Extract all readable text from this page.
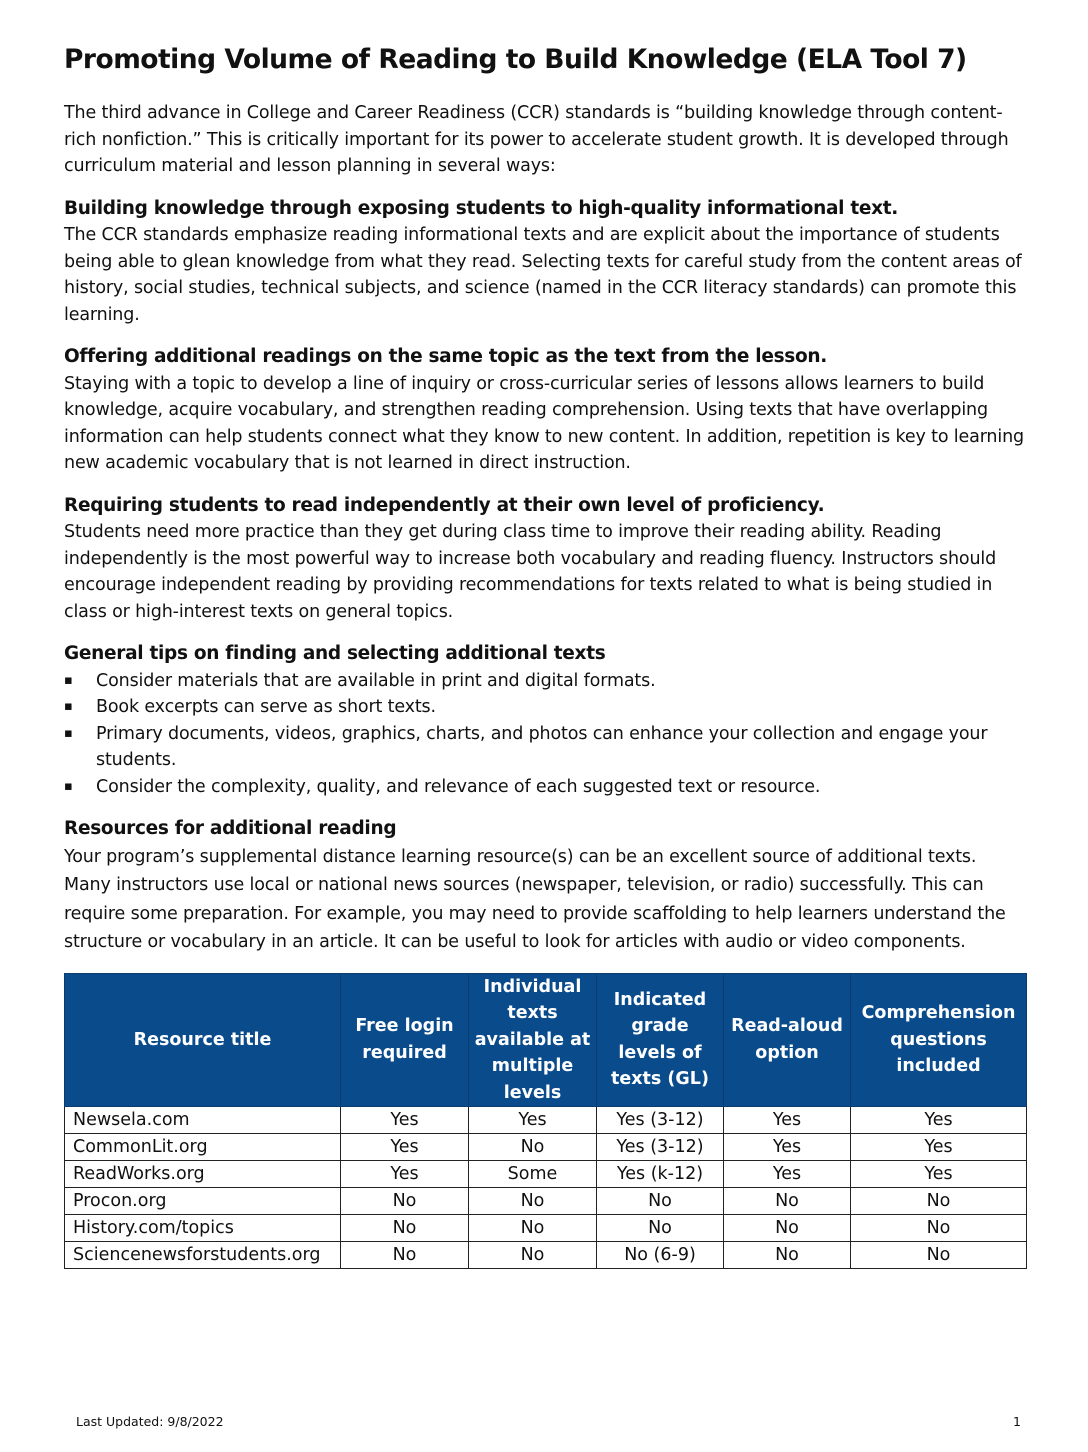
Promoting Volume of Reading to Build Knowledge (ELA Tool 7)

The third advance in College and Career Readiness (CCR) standards is “building knowledge through content-rich nonfiction.” This is critically important for its power to accelerate student growth. It is developed through curriculum material and lesson planning in several ways:

Building knowledge through exposing students to high-quality informational text.

The CCR standards emphasize reading informational texts and are explicit about the importance of students being able to glean knowledge from what they read. Selecting texts for careful study from the content areas of history, social studies, technical subjects, and science (named in the CCR literacy standards) can promote this learning.

Offering additional readings on the same topic as the text from the lesson.

Staying with a topic to develop a line of inquiry or cross-curricular series of lessons allows learners to build knowledge, acquire vocabulary, and strengthen reading comprehension. Using texts that have overlapping information can help students connect what they know to new content. In addition, repetition is key to learning new academic vocabulary that is not learned in direct instruction.

Requiring students to read independently at their own level of proficiency.

Students need more practice than they get during class time to improve their reading ability. Reading independently is the most powerful way to increase both vocabulary and reading fluency. Instructors should encourage independent reading by providing recommendations for texts related to what is being studied in class or high-interest texts on general topics.

General tips on finding and selecting additional texts
▪	Consider materials that are available in print and digital formats.
▪	Book excerpts can serve as short texts.
▪	Primary documents, videos, graphics, charts, and photos can enhance your collection and engage your students.
▪	Consider the complexity, quality, and relevance of each suggested text or resource.
Resources for additional reading

Your program’s supplemental distance learning resource(s) can be an excellent source of additional texts. Many instructors use local or national news sources (newspaper, television, or radio) successfully. This can require some preparation. For example, you may need to provide scaffolding to help learners understand the structure or vocabulary in an article. It can be useful to look for articles with audio or video components.

Resource title	Free login required	Individual texts available at multiple levels	Indicated grade levels of texts (GL)	Read-aloud option	Comprehension questions included
Newsela.com	Yes	Yes	Yes (3-12)	Yes	Yes
CommonLit.org	Yes	No	Yes (3-12)	Yes	Yes
ReadWorks.org	Yes	Some	Yes (k-12)	Yes	Yes
Procon.org	No	No	No	No	No
History.com/topics	No	No	No	No	No
Sciencenewsforstudents.org	No	No	No (6-9)	No	No
Last Updated: 9/8/2022	1
